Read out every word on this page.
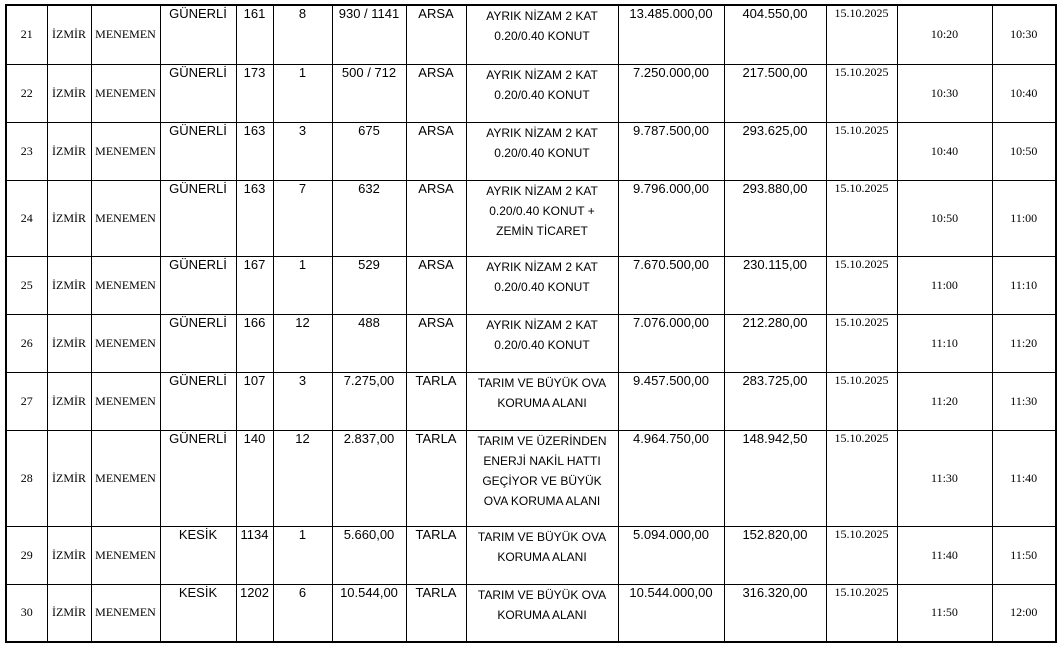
21	İZMİR	MENEMEN	GÜNERLİ	161	8	930 / 1141	ARSA	AYRIK NİZAM 2 KAT
0.20/0.40 KONUT	13.485.000,00	404.550,00	15.10.2025	10:20	10:30
22	İZMİR	MENEMEN	GÜNERLİ	173	1	500 / 712	ARSA	AYRIK NİZAM 2 KAT
0.20/0.40 KONUT	7.250.000,00	217.500,00	15.10.2025	10:30	10:40
23	İZMİR	MENEMEN	GÜNERLİ	163	3	675	ARSA	AYRIK NİZAM 2 KAT
0.20/0.40 KONUT	9.787.500,00	293.625,00	15.10.2025	10:40	10:50
24	İZMİR	MENEMEN	GÜNERLİ	163	7	632	ARSA	AYRIK NİZAM 2 KAT
0.20/0.40 KONUT +
ZEMİN TİCARET	9.796.000,00	293.880,00	15.10.2025	10:50	11:00
25	İZMİR	MENEMEN	GÜNERLİ	167	1	529	ARSA	AYRIK NİZAM 2 KAT
0.20/0.40 KONUT	7.670.500,00	230.115,00	15.10.2025	11:00	11:10
26	İZMİR	MENEMEN	GÜNERLİ	166	12	488	ARSA	AYRIK NİZAM 2 KAT
0.20/0.40 KONUT	7.076.000,00	212.280,00	15.10.2025	11:10	11:20
27	İZMİR	MENEMEN	GÜNERLİ	107	3	7.275,00	TARLA	TARIM VE BÜYÜK OVA
KORUMA ALANI	9.457.500,00	283.725,00	15.10.2025	11:20	11:30
28	İZMİR	MENEMEN	GÜNERLİ	140	12	2.837,00	TARLA	TARIM VE ÜZERİNDEN
ENERJİ NAKİL HATTI
GEÇİYOR VE BÜYÜK
OVA KORUMA ALANI	4.964.750,00	148.942,50	15.10.2025	11:30	11:40
29	İZMİR	MENEMEN	KESİK	1134	1	5.660,00	TARLA	TARIM VE BÜYÜK OVA
KORUMA ALANI	5.094.000,00	152.820,00	15.10.2025	11:40	11:50
30	İZMİR	MENEMEN	KESİK	1202	6	10.544,00	TARLA	TARIM VE BÜYÜK OVA
KORUMA ALANI	10.544.000,00	316.320,00	15.10.2025	11:50	12:00
